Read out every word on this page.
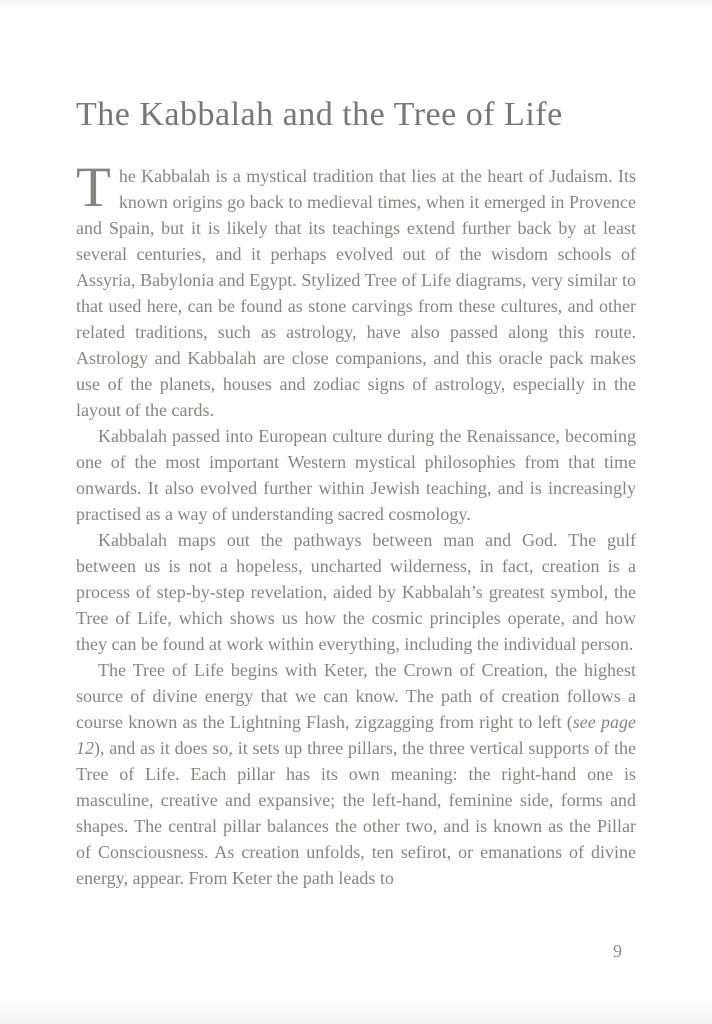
The Kabbalah and the Tree of Life

The Kabbalah is a mystical tradition that lies at the heart of Judaism. Its known origins go back to medieval times, when it emerged in Provence and Spain, but it is likely that its teachings extend further back by at least several centuries, and it perhaps evolved out of the wisdom schools of Assyria, Babylonia and Egypt. Stylized Tree of Life diagrams, very similar to that used here, can be found as stone carvings from these cultures, and other related traditions, such as astrology, have also passed along this route. Astrology and Kabbalah are close companions, and this oracle pack makes use of the planets, houses and zodiac signs of astrology, especially in the layout of the cards.

Kabbalah passed into European culture during the Renaissance, becoming one of the most important Western mystical philosophies from that time onwards. It also evolved further within Jewish teaching, and is increasingly practised as a way of understanding sacred cosmology.

Kabbalah maps out the pathways between man and God. The gulf between us is not a hopeless, uncharted wilderness, in fact, creation is a process of step-by-step revelation, aided by Kabbalah’s greatest symbol, the Tree of Life, which shows us how the cosmic principles operate, and how they can be found at work within everything, including the individual person.

The Tree of Life begins with Keter, the Crown of Creation, the highest source of divine energy that we can know. The path of creation follows a course known as the Lightning Flash, zigzagging from right to left (see page 12), and as it does so, it sets up three pillars, the three vertical supports of the Tree of Life. Each pillar has its own meaning: the right-hand one is masculine, creative and expansive; the left-hand, feminine side, forms and shapes. The central pillar balances the other two, and is known as the Pillar of Consciousness. As creation unfolds, ten sefirot, or emanations of divine energy, appear. From Keter the path leads to

9
